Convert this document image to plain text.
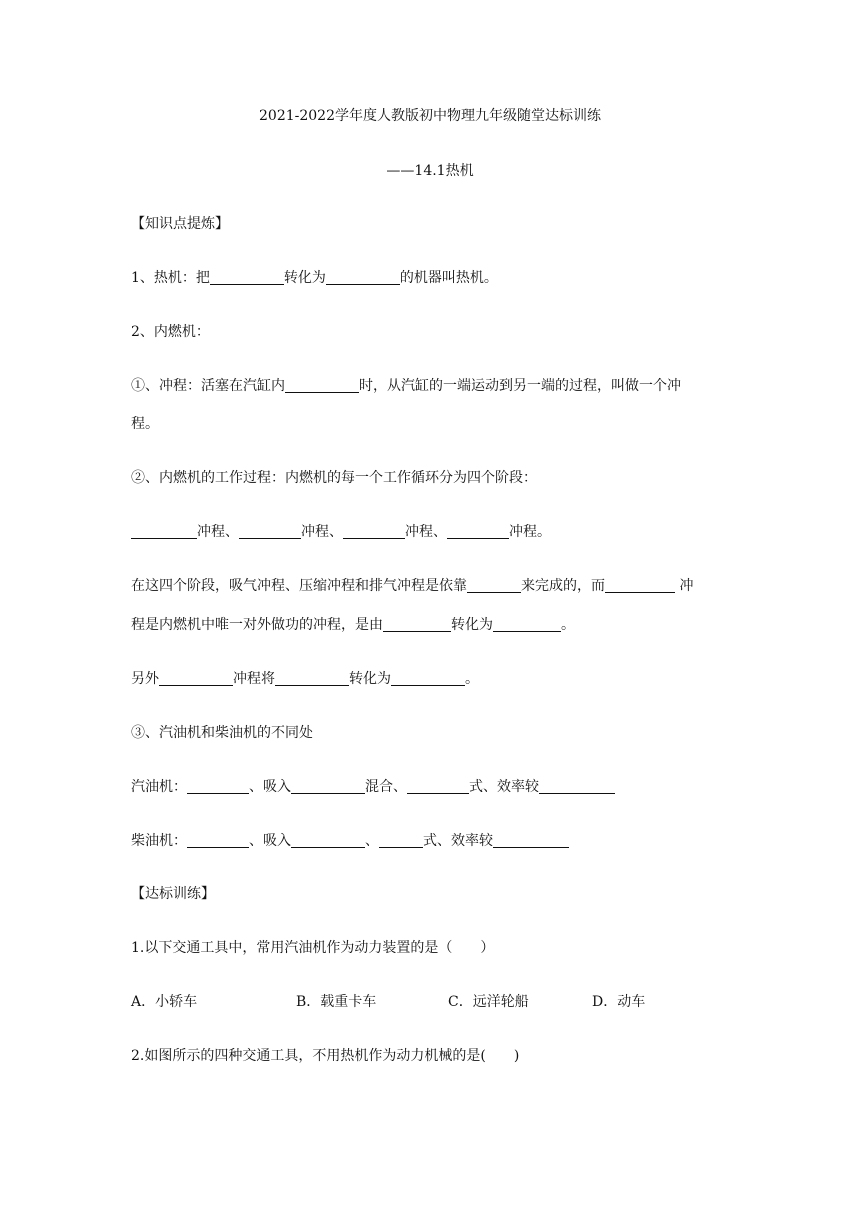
2021-2022学年度人教版初中物理九年级随堂达标训练
——14.1热机
【知识点提炼】
1、热机：把	转化为	的机器叫热机。
2、内燃机：
①、冲程：活塞在汽缸内	时，从汽缸的一端运动到另一端的过程，叫做一个冲
程。
②、内燃机的工作过程：内燃机的每一个工作循环分为四个阶段：
冲程、	冲程、	冲程、	冲程。
在这四个阶段，吸气冲程、压缩冲程和排气冲程是依靠	来完成的，而	冲
程是内燃机中唯一对外做功的冲程，是由	转化为	。
另外	冲程将	转化为	。
③、汽油机和柴油机的不同处
汽油机：	、吸入	混合、	式、效率较
柴油机：	、吸入	、	式、效率较
【达标训练】
1.以下交通工具中，常用汽油机作为动力装置的是（　　）
A．小轿车	B．载重卡车	C．远洋轮船	D．动车
2.如图所示的四种交通工具，不用热机作为动力机械的是(　　)
